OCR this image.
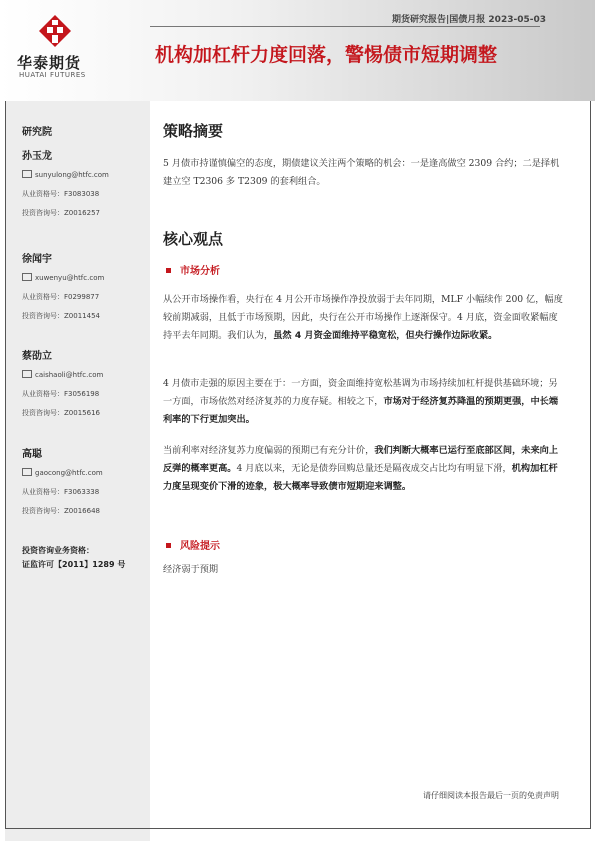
期货研究报告|国债月报 2023-05-03
华泰期货
HUATAI FUTURES
机构加杠杆力度回落，警惕债市短期调整
研究院
孙玉龙
sunyulong@htfc.com
从业资格号：F3083038
投资咨询号：Z0016257
徐闻宇
xuwenyu@htfc.com
从业资格号：F0299877
投资咨询号：Z0011454
蔡劭立
caishaoli@htfc.com
从业资格号：F3056198
投资咨询号：Z0015616
高聪
gaocong@htfc.com
从业资格号：F3063338
投资咨询号：Z0016648
投资咨询业务资格：
证监许可【2011】1289 号
策略摘要
5 月债市持谨慎偏空的态度，期债建议关注两个策略的机会：一是逢高做空 2309 合约；二是择机建立空 T2306 多 T2309 的套利组合。
核心观点
市场分析
从公开市场操作看，央行在 4 月公开市场操作净投放弱于去年同期，MLF 小幅续作 200 亿，幅度较前期减弱，且低于市场预期，因此，央行在公开市场操作上逐渐保守。4 月底，资金面收紧幅度持平去年同期。我们认为，虽然 4 月资金面维持平稳宽松，但央行操作边际收紧。
4 月债市走强的原因主要在于：一方面，资金面维持宽松基调为市场持续加杠杆提供基础环境；另一方面，市场依然对经济复苏的力度存疑。相较之下，市场对于经济复苏降温的预期更强，中长端利率的下行更加突出。
当前利率对经济复苏力度偏弱的预期已有充分计价，我们判断大概率已运行至底部区间，未来向上反弹的概率更高。4 月底以来，无论是债券回购总量还是隔夜成交占比均有明显下滑，机构加杠杆力度呈现变价下滑的迹象，极大概率导致债市短期迎来调整。
风险提示
经济弱于预期
请仔细阅读本报告最后一页的免责声明
